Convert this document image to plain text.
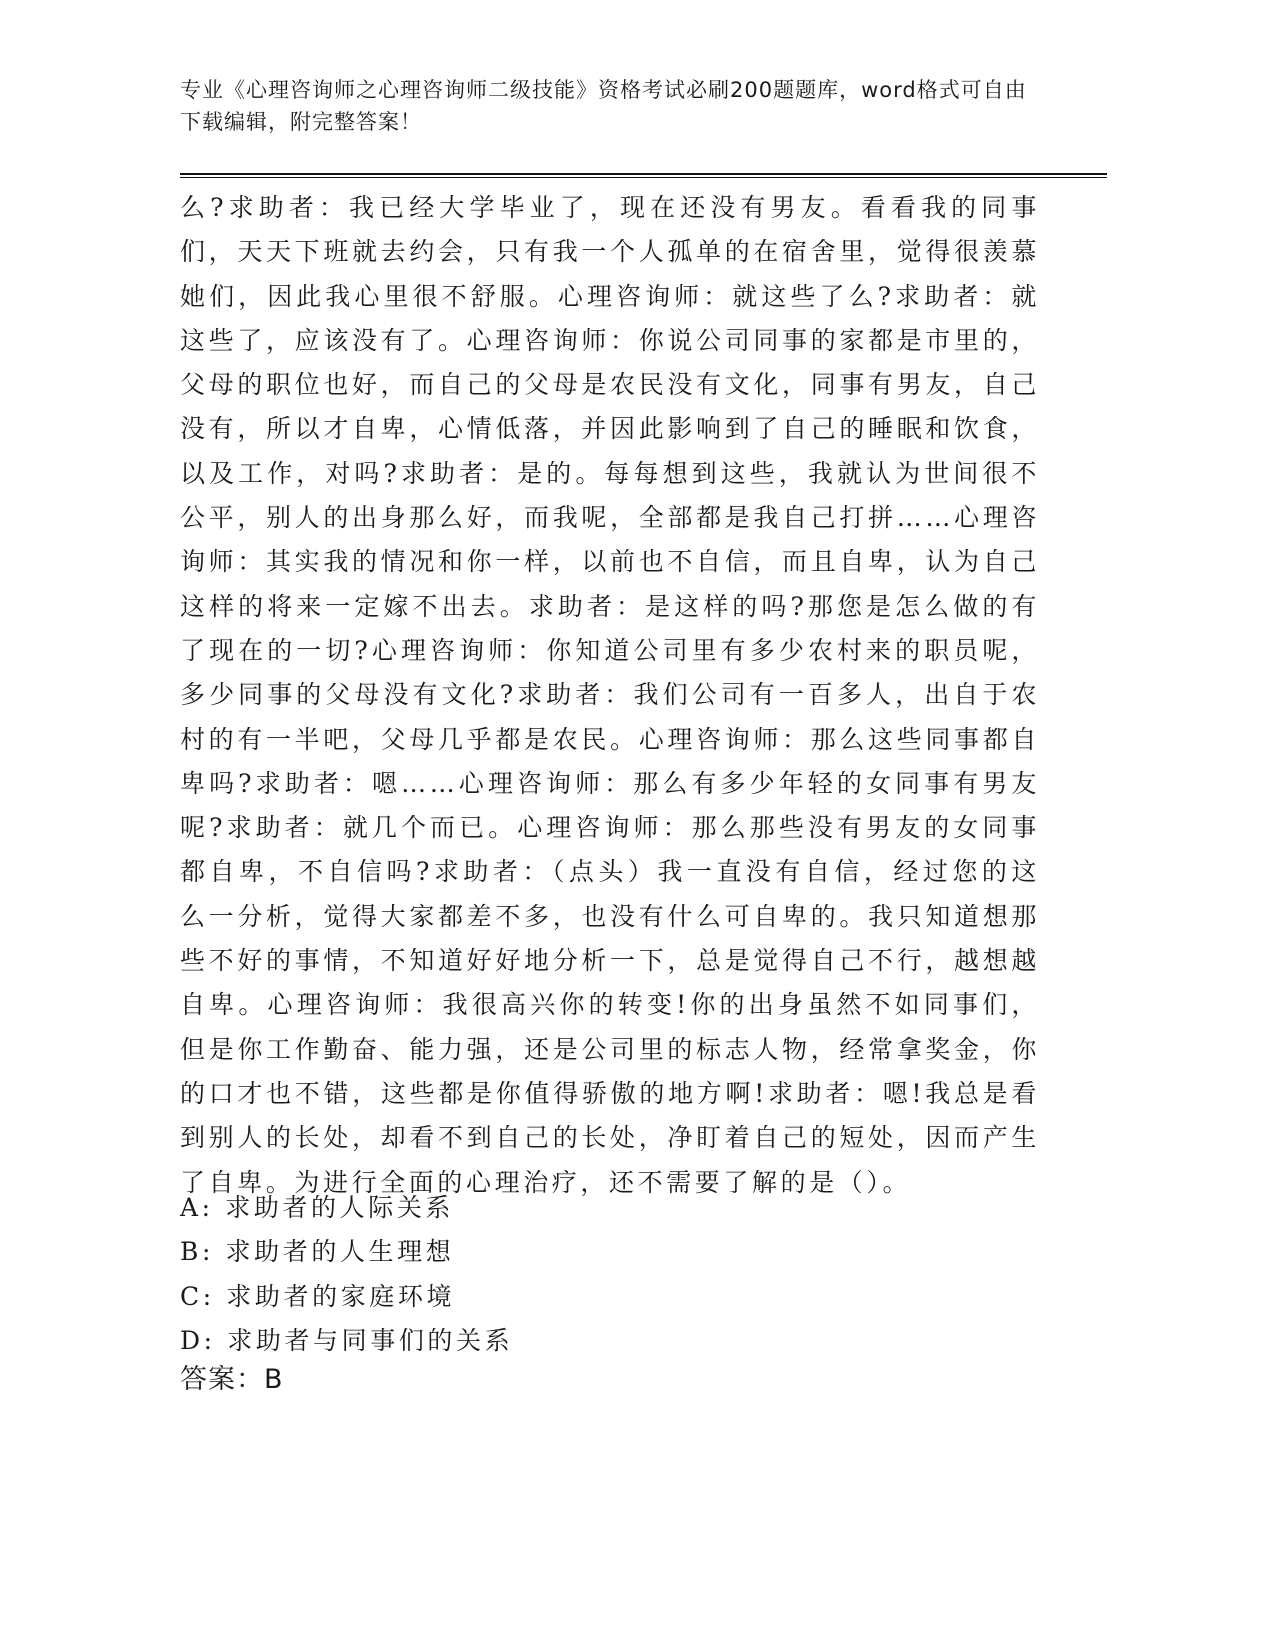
专业《心理咨询师之心理咨询师二级技能》资格考试必刷200题题库，word格式可自由下载编辑，附完整答案！
么?求助者：我已经大学毕业了，现在还没有男友。看看我的同事们，天天下班就去约会，只有我一个人孤单的在宿舍里，觉得很羡慕她们，因此我心里很不舒服。心理咨询师：就这些了么?求助者：就这些了，应该没有了。心理咨询师：你说公司同事的家都是市里的，父母的职位也好，而自己的父母是农民没有文化，同事有男友，自己没有，所以才自卑，心情低落，并因此影响到了自己的睡眠和饮食，以及工作，对吗?求助者：是的。每每想到这些，我就认为世间很不公平，别人的出身那么好，而我呢，全部都是我自己打拼……心理咨询师：其实我的情况和你一样，以前也不自信，而且自卑，认为自己这样的将来一定嫁不出去。求助者：是这样的吗?那您是怎么做的有了现在的一切?心理咨询师：你知道公司里有多少农村来的职员呢，多少同事的父母没有文化?求助者：我们公司有一百多人，出自于农村的有一半吧，父母几乎都是农民。心理咨询师：那么这些同事都自卑吗?求助者：嗯……心理咨询师：那么有多少年轻的女同事有男友呢?求助者：就几个而已。心理咨询师：那么那些没有男友的女同事都自卑，不自信吗?求助者：（点头）我一直没有自信，经过您的这么一分析，觉得大家都差不多，也没有什么可自卑的。我只知道想那些不好的事情，不知道好好地分析一下，总是觉得自己不行，越想越自卑。心理咨询师：我很高兴你的转变!你的出身虽然不如同事们，但是你工作勤奋、能力强，还是公司里的标志人物，经常拿奖金，你的口才也不错，这些都是你值得骄傲的地方啊!求助者：嗯!我总是看到别人的长处，却看不到自己的长处，净盯着自己的短处，因而产生了自卑。为进行全面的心理治疗，还不需要了解的是（）。
A: 求助者的人际关系
B: 求助者的人生理想
C: 求助者的家庭环境
D: 求助者与同事们的关系
答案：B
